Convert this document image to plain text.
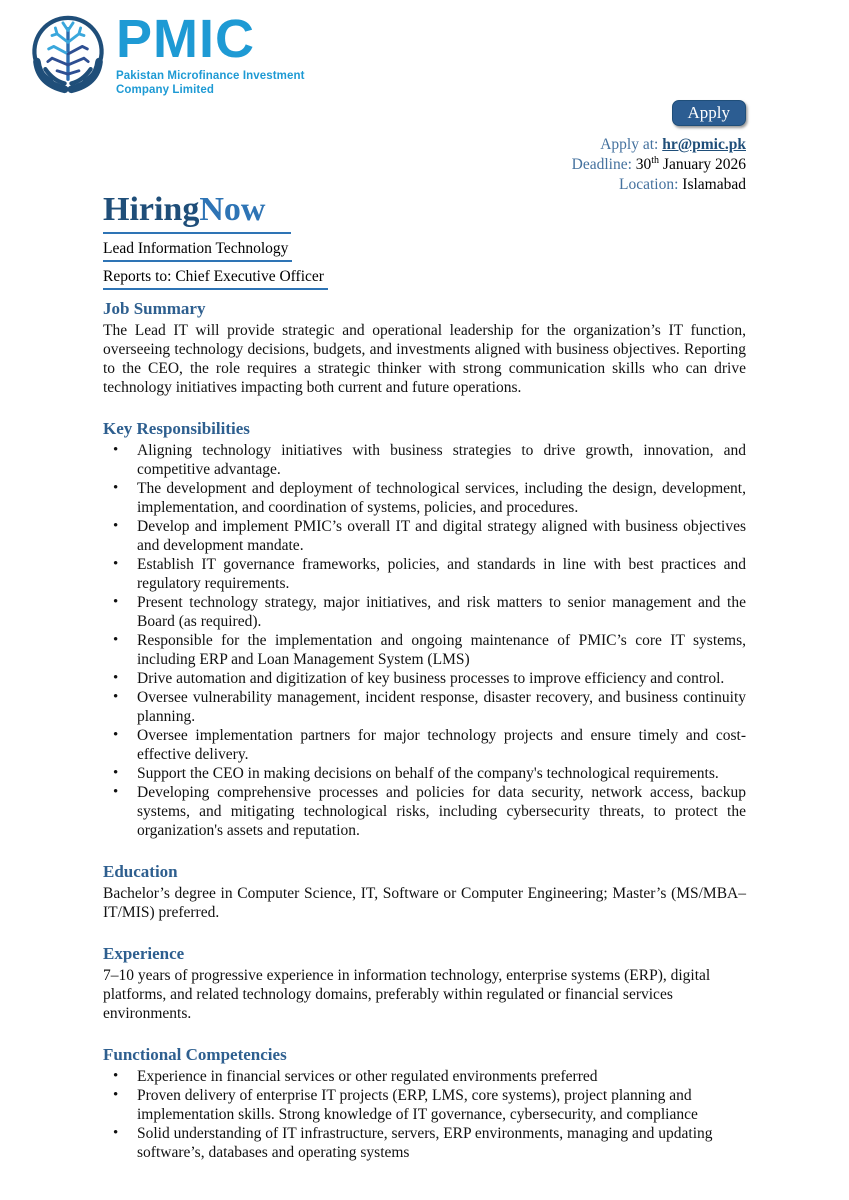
PMIC
Pakistan Microfinance Investment
Company Limited
Apply
Apply at: hr@pmic.pk
Deadline: 30th January 2026
Location: Islamabad
HiringNow
Lead Information Technology
Reports to: Chief Executive Officer
Job Summary

The Lead IT will provide strategic and operational leadership for the organization’s IT function, overseeing technology decisions, budgets, and investments aligned with business objectives. Reporting to the CEO, the role requires a strategic thinker with strong communication skills who can drive technology initiatives impacting both current and future operations.

Key Responsibilities
• Aligning technology initiatives with business strategies to drive growth, innovation, and competitive advantage.
• The development and deployment of technological services, including the design, development, implementation, and coordination of systems, policies, and procedures.
• Develop and implement PMIC’s overall IT and digital strategy aligned with business objectives and development mandate.
• Establish IT governance frameworks, policies, and standards in line with best practices and regulatory requirements.
• Present technology strategy, major initiatives, and risk matters to senior management and the Board (as required).
• Responsible for the implementation and ongoing maintenance of PMIC’s core IT systems, including ERP and Loan Management System (LMS)
• Drive automation and digitization of key business processes to improve efficiency and control.
• Oversee vulnerability management, incident response, disaster recovery, and business continuity planning.
• Oversee implementation partners for major technology projects and ensure timely and cost-effective delivery.
• Support the CEO in making decisions on behalf of the company's technological requirements.
• Developing comprehensive processes and policies for data security, network access, backup systems, and mitigating technological risks, including cybersecurity threats, to protect the organization's assets and reputation.
Education

Bachelor’s degree in Computer Science, IT, Software or Computer Engineering; Master’s (MS/MBA–IT/MIS) preferred.

Experience

7–10 years of progressive experience in information technology, enterprise systems (ERP), digital platforms, and related technology domains, preferably within regulated or financial services environments.

Functional Competencies
• Experience in financial services or other regulated environments preferred
• Proven delivery of enterprise IT projects (ERP, LMS, core systems), project planning and implementation skills. Strong knowledge of IT governance, cybersecurity, and compliance
• Solid understanding of IT infrastructure, servers, ERP environments, managing and updating software’s, databases and operating systems
